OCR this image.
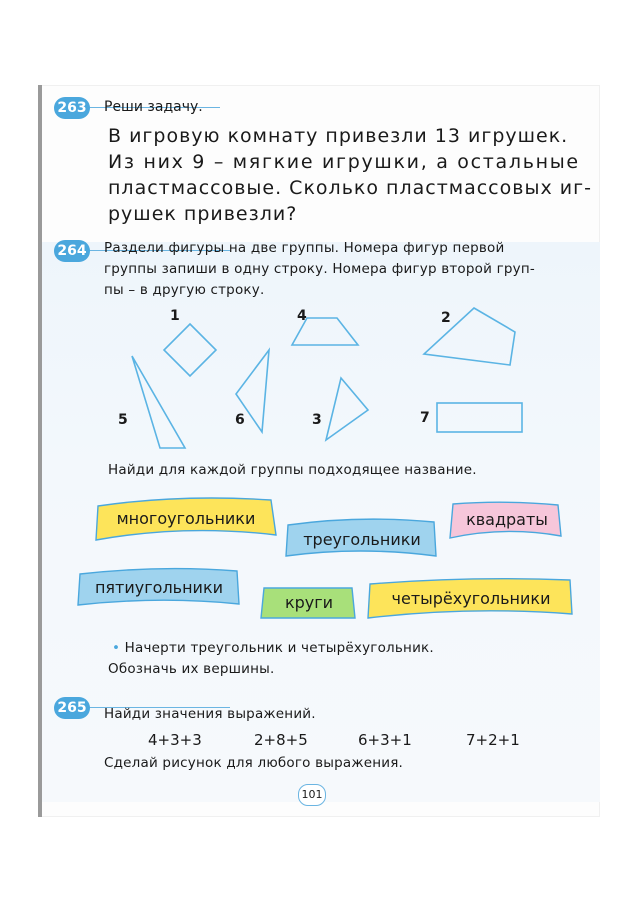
263 Реши задачу.
В игровую комнату привезли 13 игрушек.
Из них 9 – мягкие игрушки, а остальные
пластмассовые. Сколько пластмассовых иг-
рушек привезли?
264 Раздели фигуры на две группы. Номера фигур первой
группы запиши в одну строку. Номера фигур второй груп-
пы – в другую строку.
1	4	2
5	6	3	7
Найди для каждой группы подходящее название.
многоугольники	квадраты
треугольники
пятиугольники
круги	четырёхугольники
• Начерти треугольник и четырёхугольник.
Обозначь их вершины.
265 Найди значения выражений.
4+3+3	2+8+5	6+3+1	7+2+1
Сделай рисунок для любого выражения.
101
